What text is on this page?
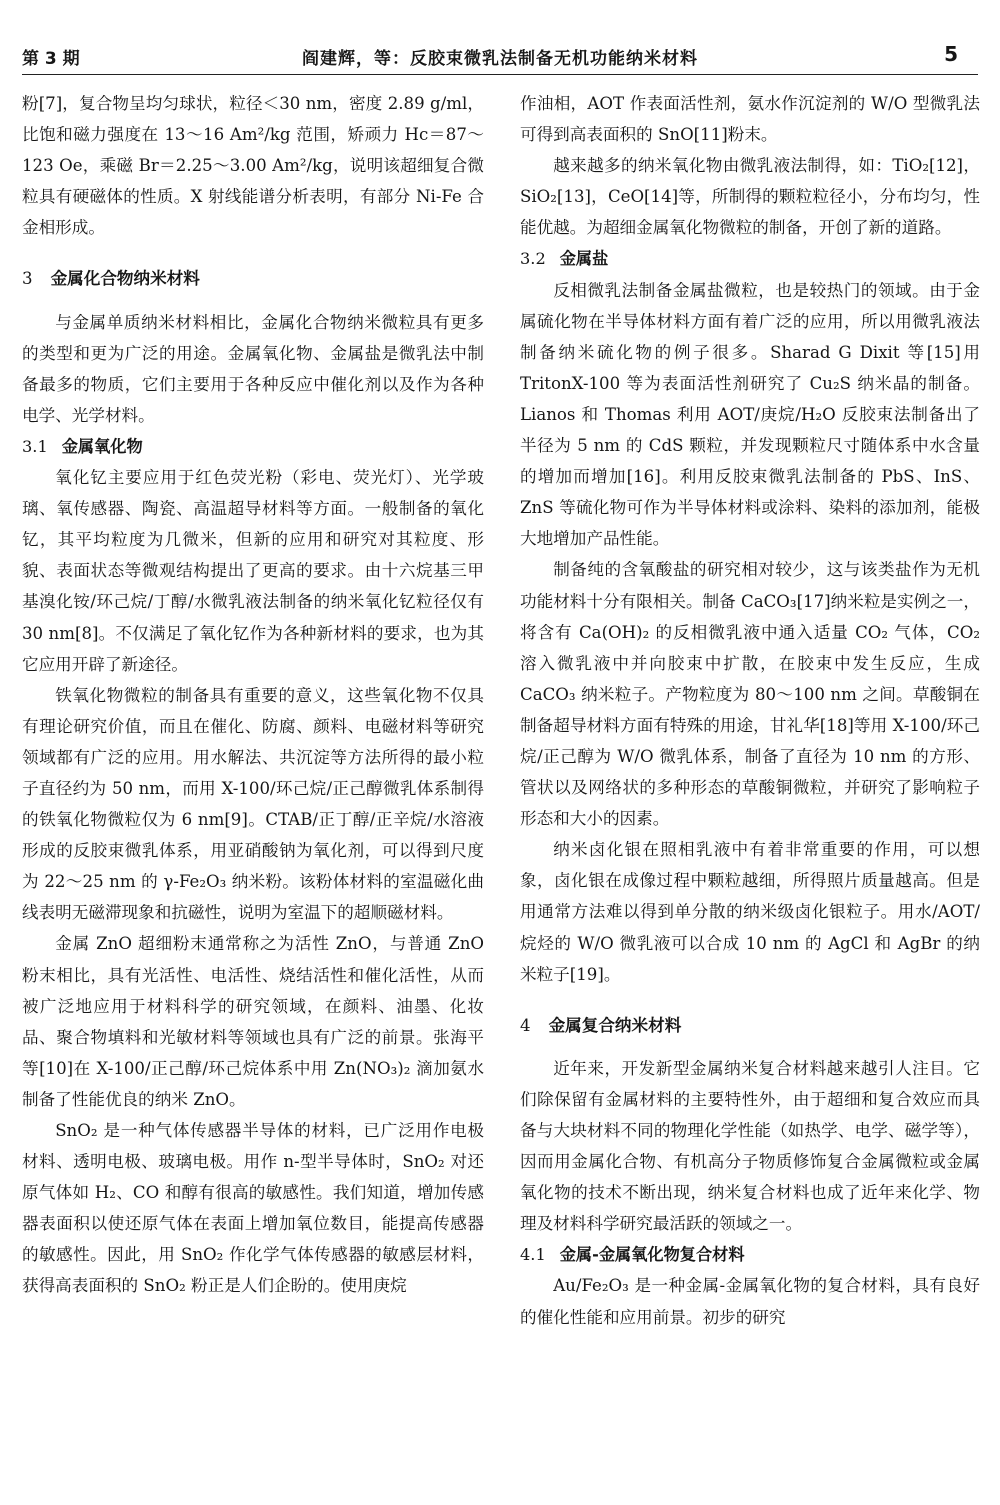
第 3 期	阎建辉，等：反胶束微乳法制备无机功能纳米材料	5

粉[7]，复合物呈均匀球状，粒径＜30 nm，密度 2.89 g/ml，比饱和磁力强度在 13～16 Am²/kg 范围，矫顽力 Hc＝87～123 Oe，乘磁 Br＝2.25～3.00 Am²/kg，说明该超细复合微粒具有硬磁体的性质。X 射线能谱分析表明，有部分 Ni-Fe 合金相形成。

3 金属化合物纳米材料

与金属单质纳米材料相比，金属化合物纳米微粒具有更多的类型和更为广泛的用途。金属氧化物、金属盐是微乳法中制备最多的物质，它们主要用于各种反应中催化剂以及作为各种电学、光学材料。

3.1 金属氧化物

氧化钇主要应用于红色荧光粉（彩电、荧光灯）、光学玻璃、氧传感器、陶瓷、高温超导材料等方面。一般制备的氧化钇，其平均粒度为几微米，但新的应用和研究对其粒度、形貌、表面状态等微观结构提出了更高的要求。由十六烷基三甲基溴化铵/环己烷/丁醇/水微乳液法制备的纳米氧化钇粒径仅有 30 nm[8]。不仅满足了氧化钇作为各种新材料的要求，也为其它应用开辟了新途径。

铁氧化物微粒的制备具有重要的意义，这些氧化物不仅具有理论研究价值，而且在催化、防腐、颜料、电磁材料等研究领域都有广泛的应用。用水解法、共沉淀等方法所得的最小粒子直径约为 50 nm，而用 X-100/环己烷/正己醇微乳体系制得的铁氧化物微粒仅为 6 nm[9]。CTAB/正丁醇/正辛烷/水溶液形成的反胶束微乳体系，用亚硝酸钠为氧化剂，可以得到尺度为 22～25 nm 的 γ-Fe₂O₃ 纳米粉。该粉体材料的室温磁化曲线表明无磁滞现象和抗磁性，说明为室温下的超顺磁材料。

金属 ZnO 超细粉末通常称之为活性 ZnO，与普通 ZnO 粉末相比，具有光活性、电活性、烧结活性和催化活性，从而被广泛地应用于材料科学的研究领域，在颜料、油墨、化妆品、聚合物填料和光敏材料等领域也具有广泛的前景。张海平等[10]在 X-100/正己醇/环己烷体系中用 Zn(NO₃)₂ 滴加氨水制备了性能优良的纳米 ZnO。

SnO₂ 是一种气体传感器半导体的材料，已广泛用作电极材料、透明电极、玻璃电极。用作 n-型半导体时，SnO₂ 对还原气体如 H₂、CO 和醇有很高的敏感性。我们知道，增加传感器表面积以使还原气体在表面上增加氧位数目，能提高传感器的敏感性。因此，用 SnO₂ 作化学气体传感器的敏感层材料，获得高表面积的 SnO₂ 粉正是人们企盼的。使用庚烷

作油相，AOT 作表面活性剂，氨水作沉淀剂的 W/O 型微乳法可得到高表面积的 SnO[11]粉末。

越来越多的纳米氧化物由微乳液法制得，如：TiO₂[12]，SiO₂[13]，CeO[14]等，所制得的颗粒粒径小，分布均匀，性能优越。为超细金属氧化物微粒的制备，开创了新的道路。

3.2 金属盐

反相微乳法制备金属盐微粒，也是较热门的领域。由于金属硫化物在半导体材料方面有着广泛的应用，所以用微乳液法制备纳米硫化物的例子很多。Sharad G Dixit 等[15]用 TritonX-100 等为表面活性剂研究了 Cu₂S 纳米晶的制备。Lianos 和 Thomas 利用 AOT/庚烷/H₂O 反胶束法制备出了半径为 5 nm 的 CdS 颗粒，并发现颗粒尺寸随体系中水含量的增加而增加[16]。利用反胶束微乳法制备的 PbS、InS、ZnS 等硫化物可作为半导体材料或涂料、染料的添加剂，能极大地增加产品性能。

制备纯的含氧酸盐的研究相对较少，这与该类盐作为无机功能材料十分有限相关。制备 CaCO₃[17]纳米粒是实例之一，将含有 Ca(OH)₂ 的反相微乳液中通入适量 CO₂ 气体，CO₂ 溶入微乳液中并向胶束中扩散，在胶束中发生反应，生成 CaCO₃ 纳米粒子。产物粒度为 80～100 nm 之间。草酸铜在制备超导材料方面有特殊的用途，甘礼华[18]等用 X-100/环己烷/正己醇为 W/O 微乳体系，制备了直径为 10 nm 的方形、管状以及网络状的多种形态的草酸铜微粒，并研究了影响粒子形态和大小的因素。

纳米卤化银在照相乳液中有着非常重要的作用，可以想象，卤化银在成像过程中颗粒越细，所得照片质量越高。但是用通常方法难以得到单分散的纳米级卤化银粒子。用水/AOT/烷烃的 W/O 微乳液可以合成 10 nm 的 AgCl 和 AgBr 的纳米粒子[19]。

4 金属复合纳米材料

近年来，开发新型金属纳米复合材料越来越引人注目。它们除保留有金属材料的主要特性外，由于超细和复合效应而具备与大块材料不同的物理化学性能（如热学、电学、磁学等），因而用金属化合物、有机高分子物质修饰复合金属微粒或金属氧化物的技术不断出现，纳米复合材料也成了近年来化学、物理及材料科学研究最活跃的领域之一。

4.1 金属-金属氧化物复合材料

Au/Fe₂O₃ 是一种金属-金属氧化物的复合材料，具有良好的催化性能和应用前景。初步的研究
